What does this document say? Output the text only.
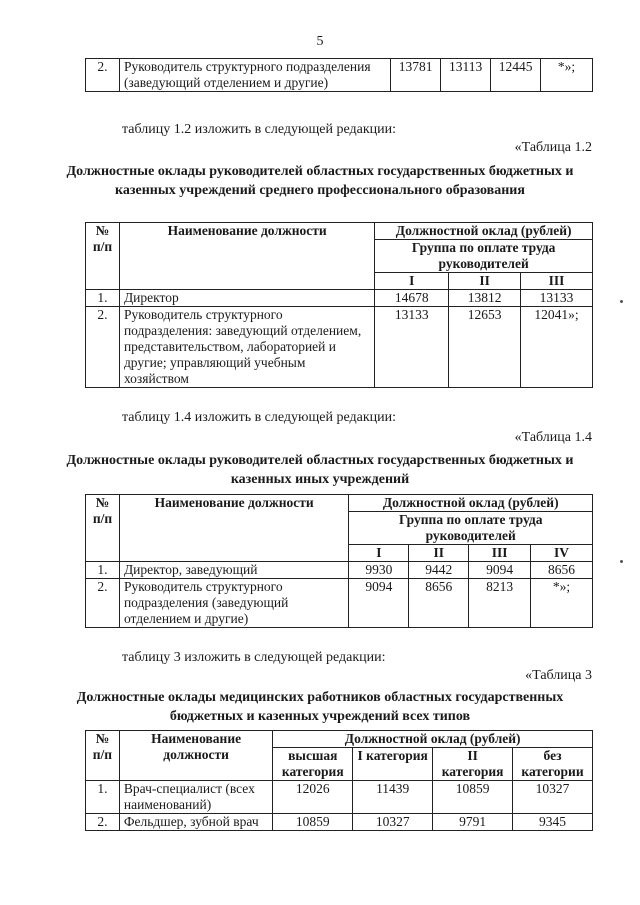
5
2.	Руководитель структурного подразделения (заведующий отделением и другие)	13781	13113	12445	*»;
таблицу 1.2 изложить в следующей редакции:
«Таблица 1.2
Должностные оклады руководителей областных государственных бюджетных и казенных учреждений среднего профессионального образования
№ п/п	Наименование должности	Должностной оклад (рублей)		
		Группа по оплате труда руководителей		
		I	II	III
1.	Директор	14678	13812	13133
2.	Руководитель структурного подразделения: заведующий отделением, представительством, лабораторией и другие; управляющий учебным хозяйством	13133	12653	12041»;
таблицу 1.4 изложить в следующей редакции:
«Таблица 1.4
Должностные оклады руководителей областных государственных бюджетных и казенных иных учреждений
№ п/п	Наименование должности	Должностной оклад (рублей)			
		Группа по оплате труда руководителей			
		I	II	III	IV
1.	Директор, заведующий	9930	9442	9094	8656
2.	Руководитель структурного подразделения (заведующий отделением и другие)	9094	8656	8213	*»;
таблицу 3 изложить в следующей редакции:
«Таблица 3
Должностные оклады медицинских работников областных государственных бюджетных и казенных учреждений всех типов
№ п/п	Наименование должности	Должностной оклад (рублей)			
		высшая категория	I категория	II категория	без категории
1.	Врач-специалист (всех наименований)	12026	11439	10859	10327
2.	Фельдшер, зубной врач	10859	10327	9791	9345
